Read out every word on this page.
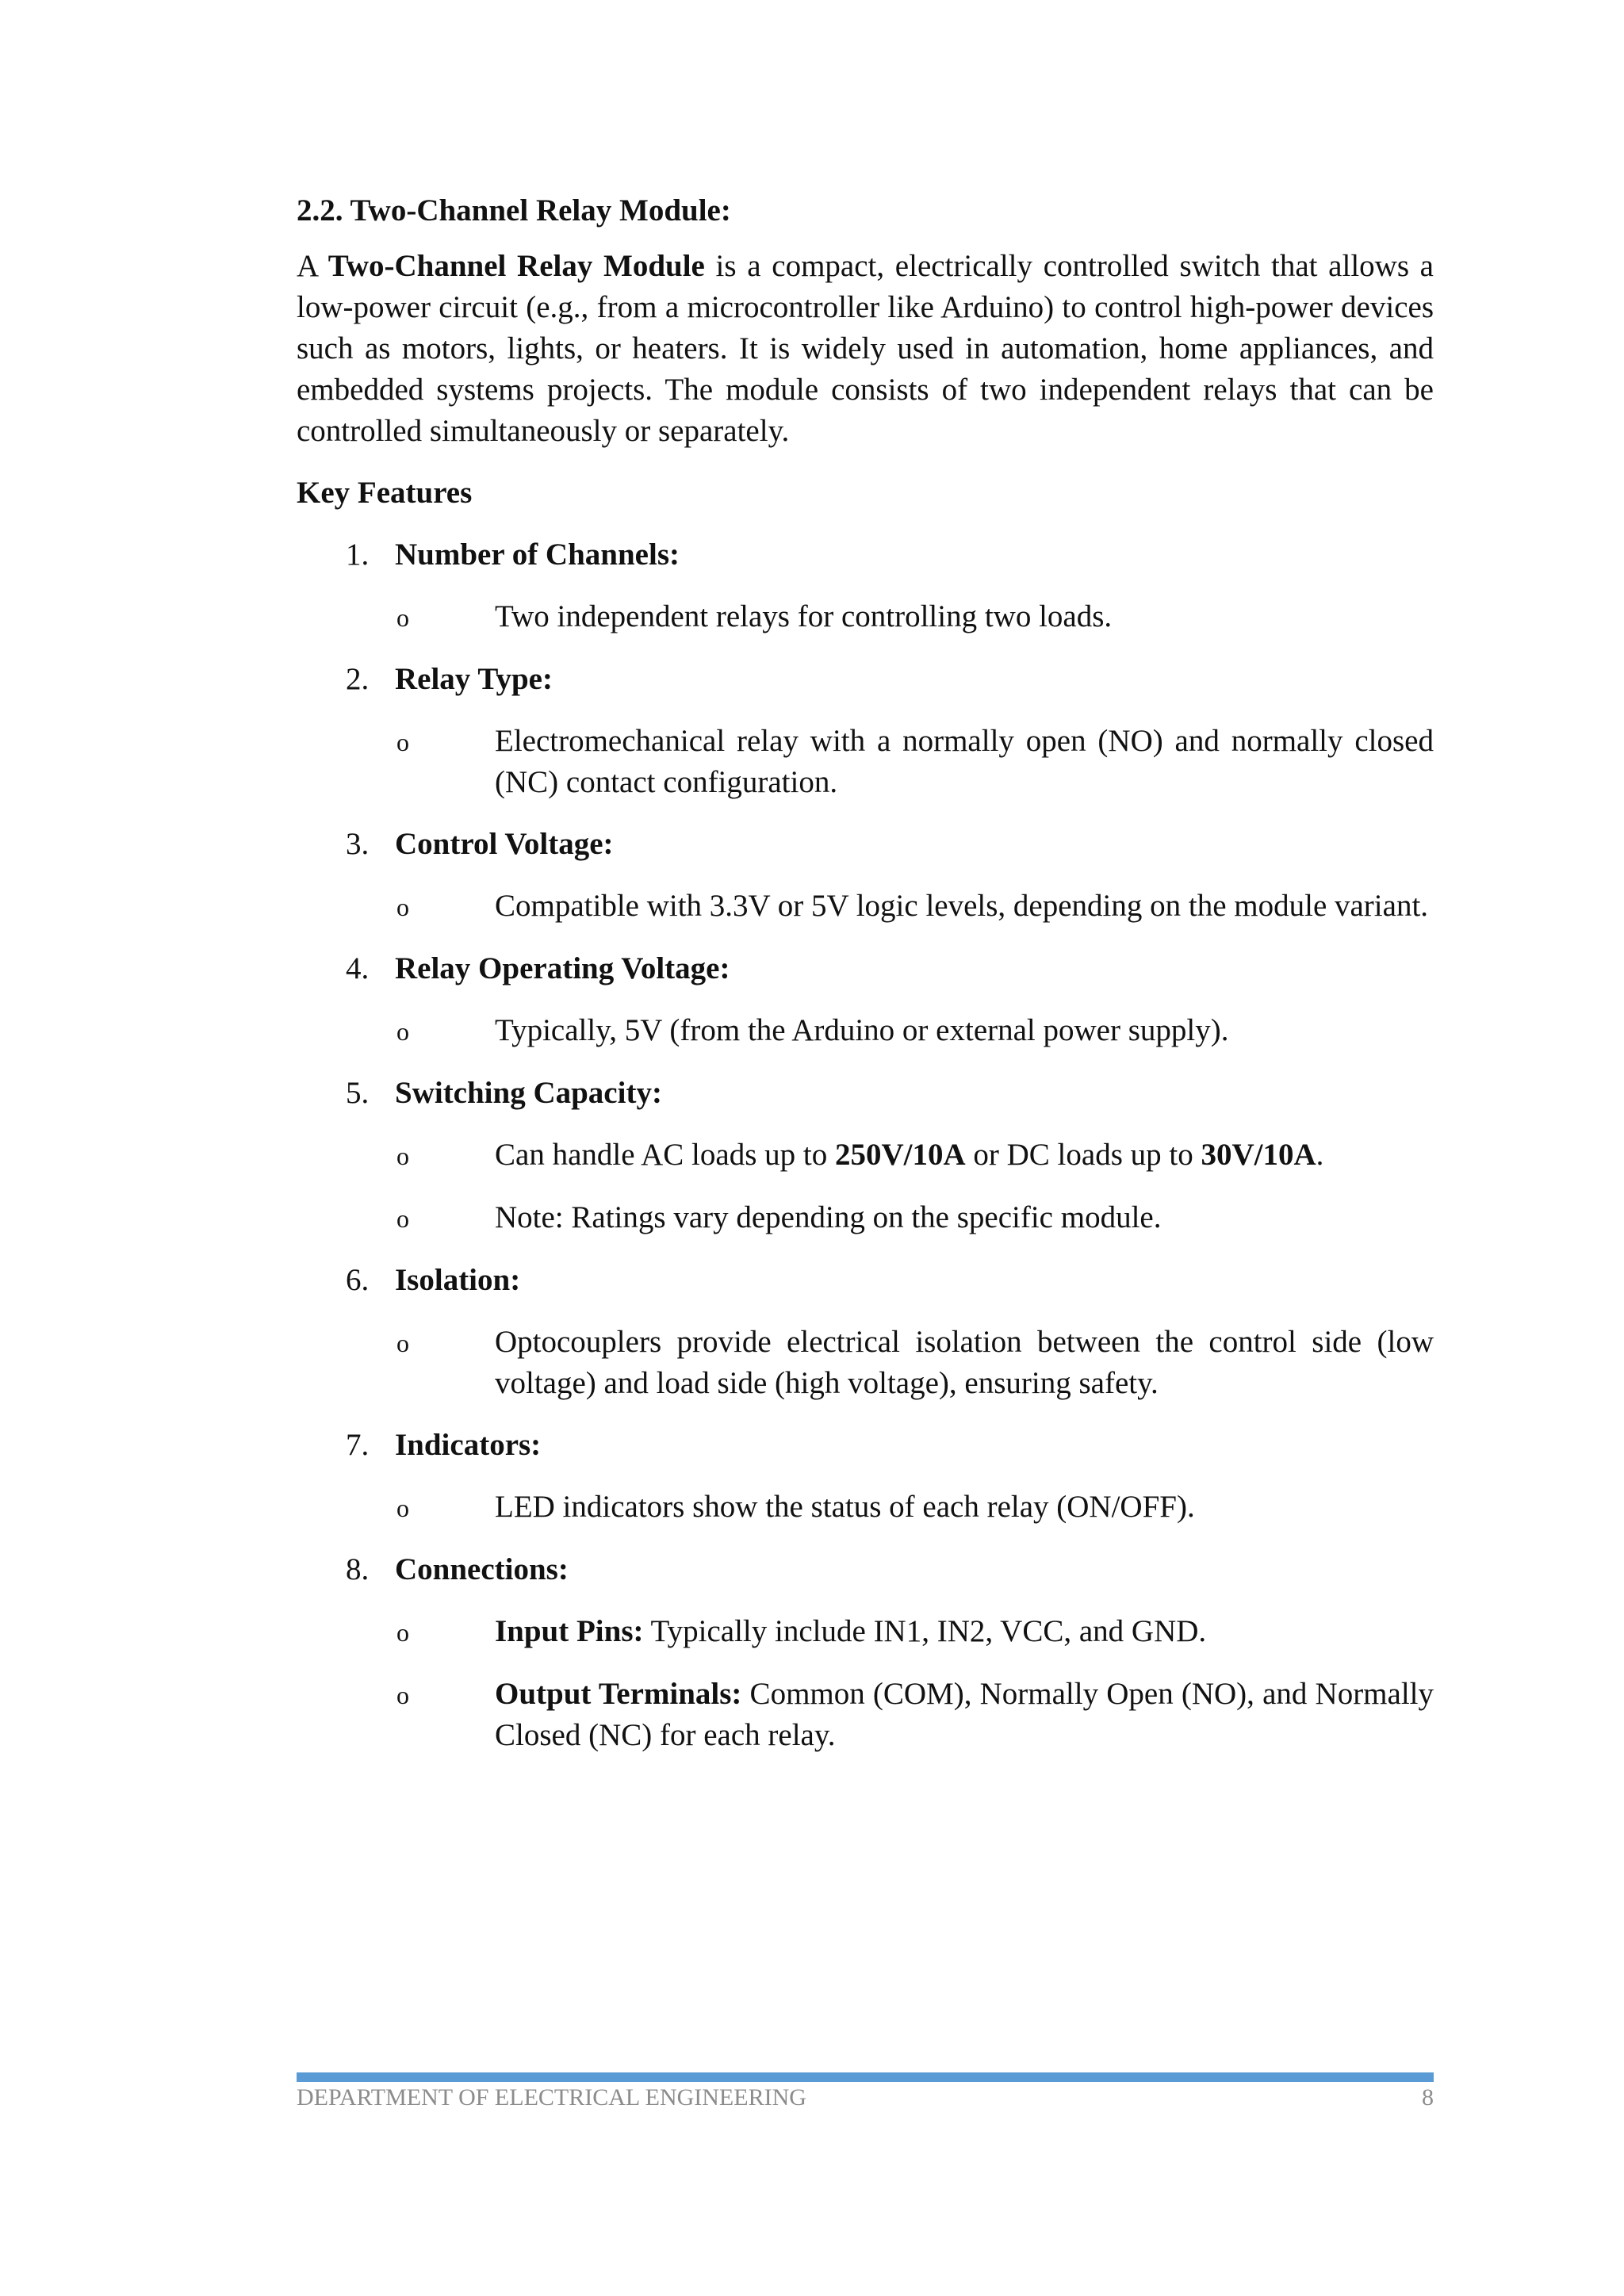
2.2. Two-Channel Relay Module:

A Two-Channel Relay Module is a compact, electrically controlled switch that allows a low-power circuit (e.g., from a microcontroller like Arduino) to control high-power devices such as motors, lights, or heaters. It is widely used in automation, home appliances, and embedded systems projects. The module consists of two independent relays that can be controlled simultaneously or separately.

Key Features
1. Number of Channels:
o	Two independent relays for controlling two loads.
2. Relay Type:
o	Electromechanical relay with a normally open (NO) and normally closed (NC) contact configuration.
3. Control Voltage:
o	Compatible with 3.3V or 5V logic levels, depending on the module variant.
4. Relay Operating Voltage:
o	Typically, 5V (from the Arduino or external power supply).
5. Switching Capacity:
o	Can handle AC loads up to 250V/10A or DC loads up to 30V/10A.
o	Note: Ratings vary depending on the specific module.
6. Isolation:
o	Optocouplers provide electrical isolation between the control side (low voltage) and load side (high voltage), ensuring safety.
7. Indicators:
o	LED indicators show the status of each relay (ON/OFF).
8. Connections:
o	Input Pins: Typically include IN1, IN2, VCC, and GND.
o	Output Terminals: Common (COM), Normally Open (NO), and Normally Closed (NC) for each relay.
DEPARTMENT OF ELECTRICAL ENGINEERING	8
